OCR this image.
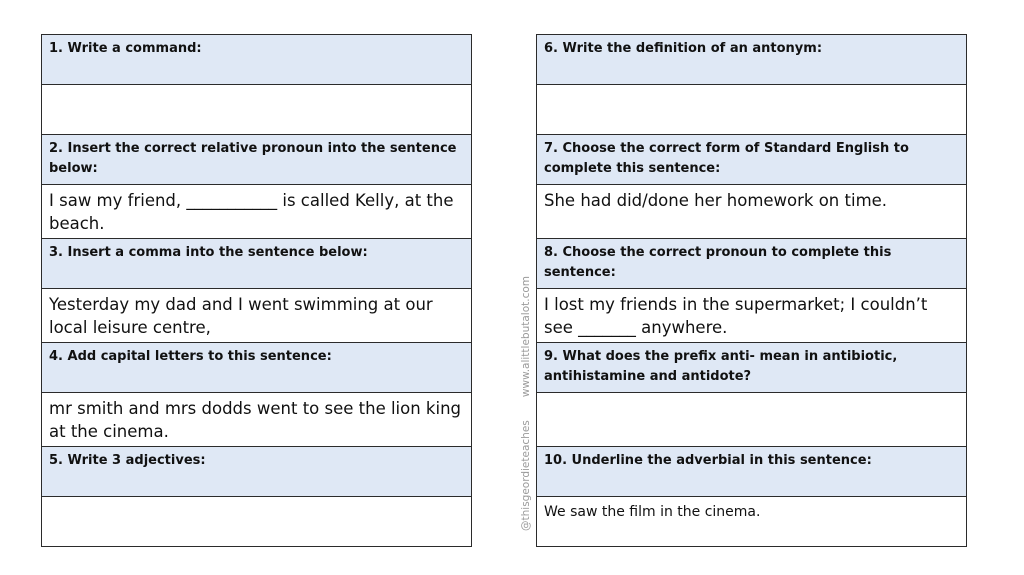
1. Write a command:

2. Insert the correct relative pronoun into the sentence below:
I saw my friend, ___________ is called Kelly, at the beach.
3. Insert a comma into the sentence below:
Yesterday my dad and I went swimming at our local leisure centre,
4. Add capital letters to this sentence:
mr smith and mrs dodds went to see the lion king at the cinema.
5. Write 3 adjectives:

6. Write the definition of an antonym:

7. Choose the correct form of Standard English to complete this sentence:
She had did/done her homework on time.
8. Choose the correct pronoun to complete this sentence:
I lost my friends in the supermarket; I couldn’t see _______ anywhere.
9. What does the prefix anti- mean in antibiotic, antihistamine and antidote?

10. Underline the adverbial in this sentence:
We saw the film in the cinema.
@thisgeordieteaches
www.alittlebutalot.com
